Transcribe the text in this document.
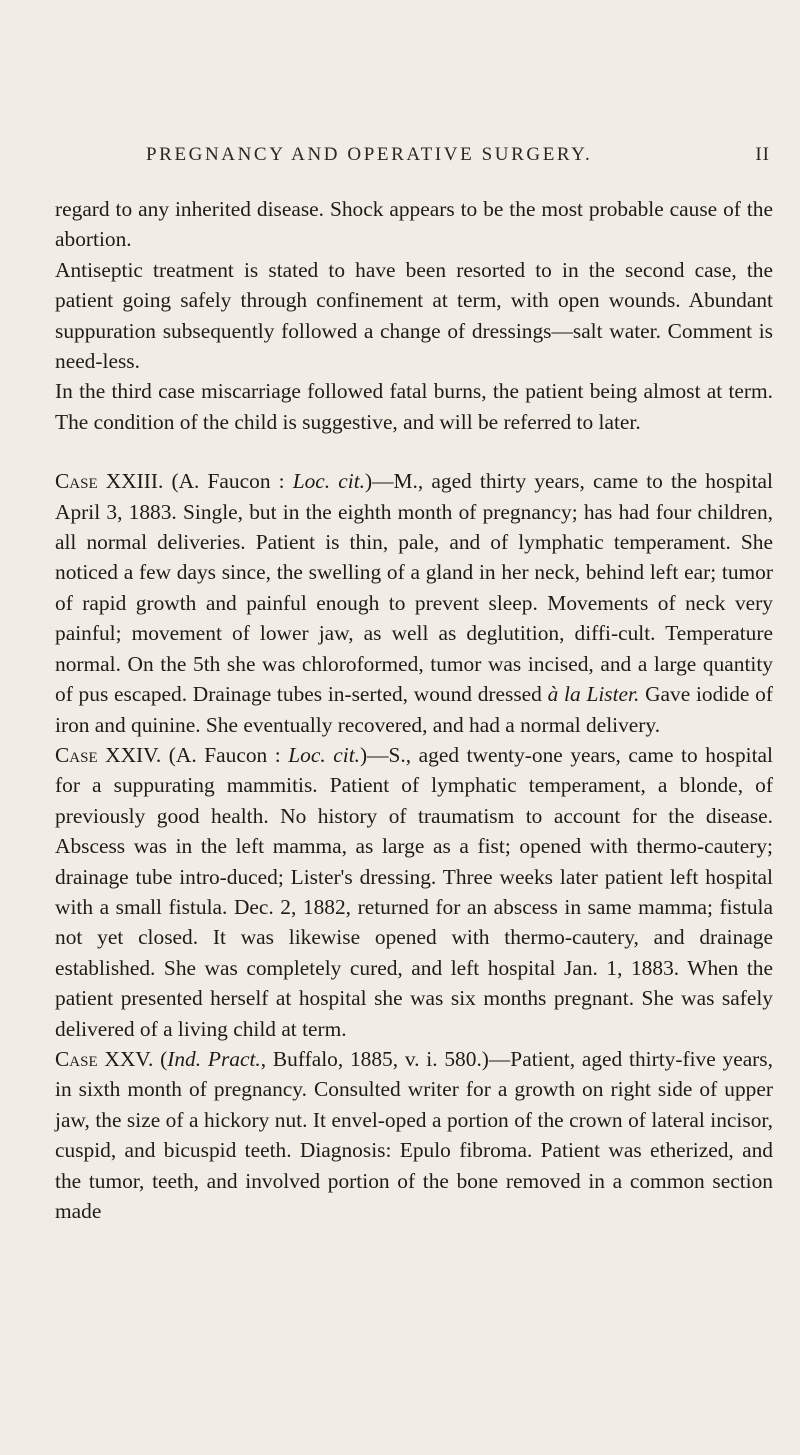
PREGNANCY AND OPERATIVE SURGERY.	II

regard to any inherited disease. Shock appears to be the most probable cause of the abortion.

Antiseptic treatment is stated to have been resorted to in the second case, the patient going safely through confinement at term, with open wounds. Abundant suppuration subsequently followed a change of dressings—salt water. Comment is need-less.

In the third case miscarriage followed fatal burns, the patient being almost at term. The condition of the child is suggestive, and will be referred to later.

Case XXIII. (A. Faucon : Loc. cit.)—M., aged thirty years, came to the hospital April 3, 1883. Single, but in the eighth month of pregnancy; has had four children, all normal deliveries. Patient is thin, pale, and of lymphatic temperament. She noticed a few days since, the swelling of a gland in her neck, behind left ear; tumor of rapid growth and painful enough to prevent sleep. Movements of neck very painful; movement of lower jaw, as well as deglutition, diffi-cult. Temperature normal. On the 5th she was chloroformed, tumor was incised, and a large quantity of pus escaped. Drainage tubes in-serted, wound dressed à la Lister. Gave iodide of iron and quinine. She eventually recovered, and had a normal delivery.

Case XXIV. (A. Faucon : Loc. cit.)—S., aged twenty-one years, came to hospital for a suppurating mammitis. Patient of lymphatic temperament, a blonde, of previously good health. No history of traumatism to account for the disease. Abscess was in the left mamma, as large as a fist; opened with thermo-cautery; drainage tube intro-duced; Lister's dressing. Three weeks later patient left hospital with a small fistula. Dec. 2, 1882, returned for an abscess in same mamma; fistula not yet closed. It was likewise opened with thermo-cautery, and drainage established. She was completely cured, and left hospital Jan. 1, 1883. When the patient presented herself at hospital she was six months pregnant. She was safely delivered of a living child at term.

Case XXV. (Ind. Pract., Buffalo, 1885, v. i. 580.)—Patient, aged thirty-five years, in sixth month of pregnancy. Consulted writer for a growth on right side of upper jaw, the size of a hickory nut. It envel-oped a portion of the crown of lateral incisor, cuspid, and bicuspid teeth. Diagnosis: Epulo fibroma. Patient was etherized, and the tumor, teeth, and involved portion of the bone removed in a common section made
